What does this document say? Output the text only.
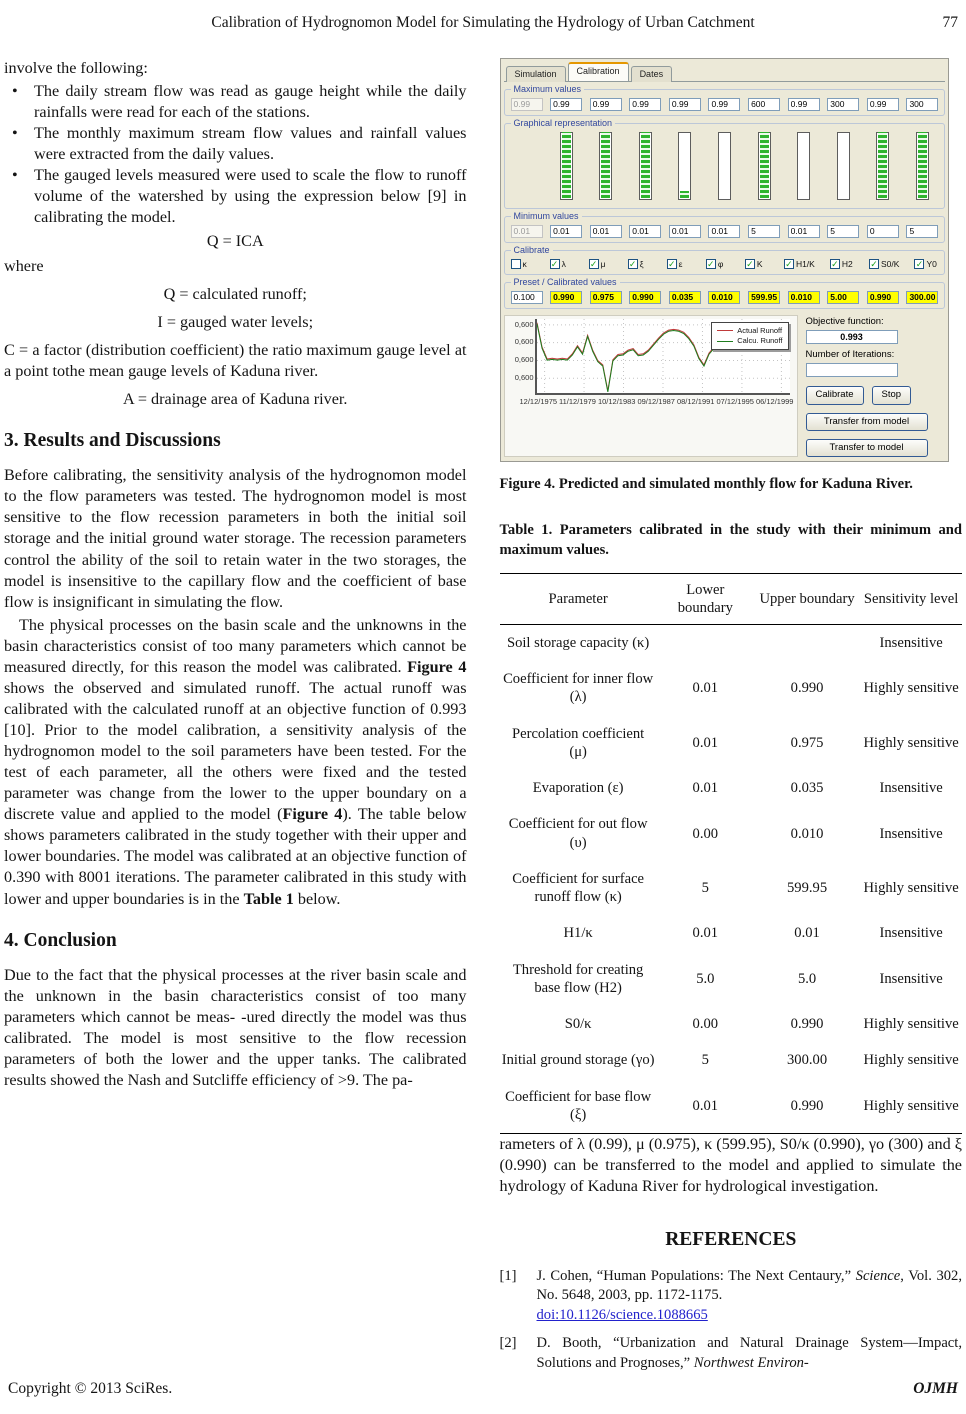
Calibration of Hydrognomon Model for Simulating the Hydrology of Urban Catchment	77

involve the following:

•	The daily stream flow was read as gauge height while the daily rainfalls were read for each of the stations.
•	The monthly maximum stream flow values and rainfall values were extracted from the daily values.
•	The gauged levels measured were used to scale the flow to runoff volume of the watershed by using the expression below [9] in calibrating the model.
Q = ICA

where

Q = calculated runoff;
I = gauged water levels;

C = a factor (distribution coefficient) the ratio maximum gauge level at a point tothe mean gauge levels of Kaduna river.

A = drainage area of Kaduna river.
3. Results and Discussions

Before calibrating, the sensitivity analysis of the hydrognomon model to the flow parameters was tested. The hydrognomon model is most sensitive to the flow recession parameters in both the initial soil storage and the initial ground water storage. The recession parameters control the ability of the soil to retain water in the two storages, the model is insensitive to the capillary flow and the coefficient of base flow is insignificant in simulating the flow.

The physical processes on the basin scale and the unknowns in the basin characteristics consist of too many parameters which cannot be measured directly, for this reason the model was calibrated. Figure 4 shows the observed and simulated runoff. The actual runoff was calibrated with the calculated runoff at an objective function of 0.993 [10]. Prior to the model calibration, a sensitivity analysis of the hydrognomon model to the soil parameters have been tested. For the test of each parameter, all the others were fixed and the tested parameter was change from the lower to the upper boundary on a discrete value and applied to the model (Figure 4). The table below shows parameters calibrated in the study together with their upper and lower boundaries. The model was calibrated at an objective function of 0.390 with 8001 iterations. The parameter calibrated in this study with lower and upper boundaries is in the Table 1 below.

4. Conclusion

Due to the fact that the physical processes at the river basin scale and the unknown in the basin characteristics consist of too many parameters which cannot be meas- -ured directly the model was thus calibrated. The model is most sensitive to the flow recession parameters of both the lower and the upper tanks. The calibrated results showed the Nash and Sutcliffe efficiency of >9. The pa-

Simulation	Calibration	Dates
Maximum values
0.99	0.99	0.99	0.99	0.99	0.99	600	0.99	300	0.99	300
Graphical representation
Minimum values
0.01	0.01	0.01	0.01	0.01	0.01	5	0.01	5	0	5
Calibrate
κ	✓ λ	✓ μ	✓ ξ	✓ ε	✓ φ	✓ K	✓ H1/K ✓ H2 ✓ S0/K ✓ Y0
Preset / Calibrated values
0.100	0.990	0.975	0.990	0.035	0.010	599.95	0.010	5.00	0.990	300.00
Actual Runoff
Calcu. Runoff
0,600
0,600
0,600
0,600
12/12/1975 11/12/1979 10/12/1983 09/12/1987 08/12/1991 07/12/1995 06/12/1999
Objective function:
0.993
Number of Iterations:
Calibrate	Stop
Transfer from model
Transfer to model
Figure 4. Predicted and simulated monthly flow for Kaduna River.
Table 1. Parameters calibrated in the study with their minimum and maximum values.
Parameter	Lower boundary	Upper boundary	Sensitivity level
Soil storage capacity (κ)			Insensitive
Coefficient for inner flow (λ)	0.01	0.990	Highly sensitive
Percolation coefficient (μ)	0.01	0.975	Highly sensitive
Evaporation (ε)	0.01	0.035	Insensitive
Coefficient for out flow (υ)	0.00	0.010	Insensitive
Coefficient for surface runoff flow (κ)	5	599.95	Highly sensitive
H1/κ	0.01	0.01	Insensitive
Threshold for creating base flow (H2)	5.0	5.0	Insensitive
S0/κ	0.00	0.990	Highly sensitive
Initial ground storage (γo)	5	300.00	Highly sensitive
Coefficient for base flow (ξ)	0.01	0.990	Highly sensitive

rameters of λ (0.99), μ (0.975), κ (599.95), S0/κ (0.990), γo (300) and ξ (0.990) can be transferred to the model and applied to simulate the hydrology of Kaduna River for hydrological investigation.

REFERENCES
[1]	J. Cohen, “Human Populations: The Next Centaury,” Science, Vol. 302, No. 5648, 2003, pp. 1172-1175.
doi:10.1126/science.1088665
[2]	D. Booth, “Urbanization and Natural Drainage System—Impact, Solutions and Prognoses,” Northwest Environ-
Copyright © 2013 SciRes.	OJMH
